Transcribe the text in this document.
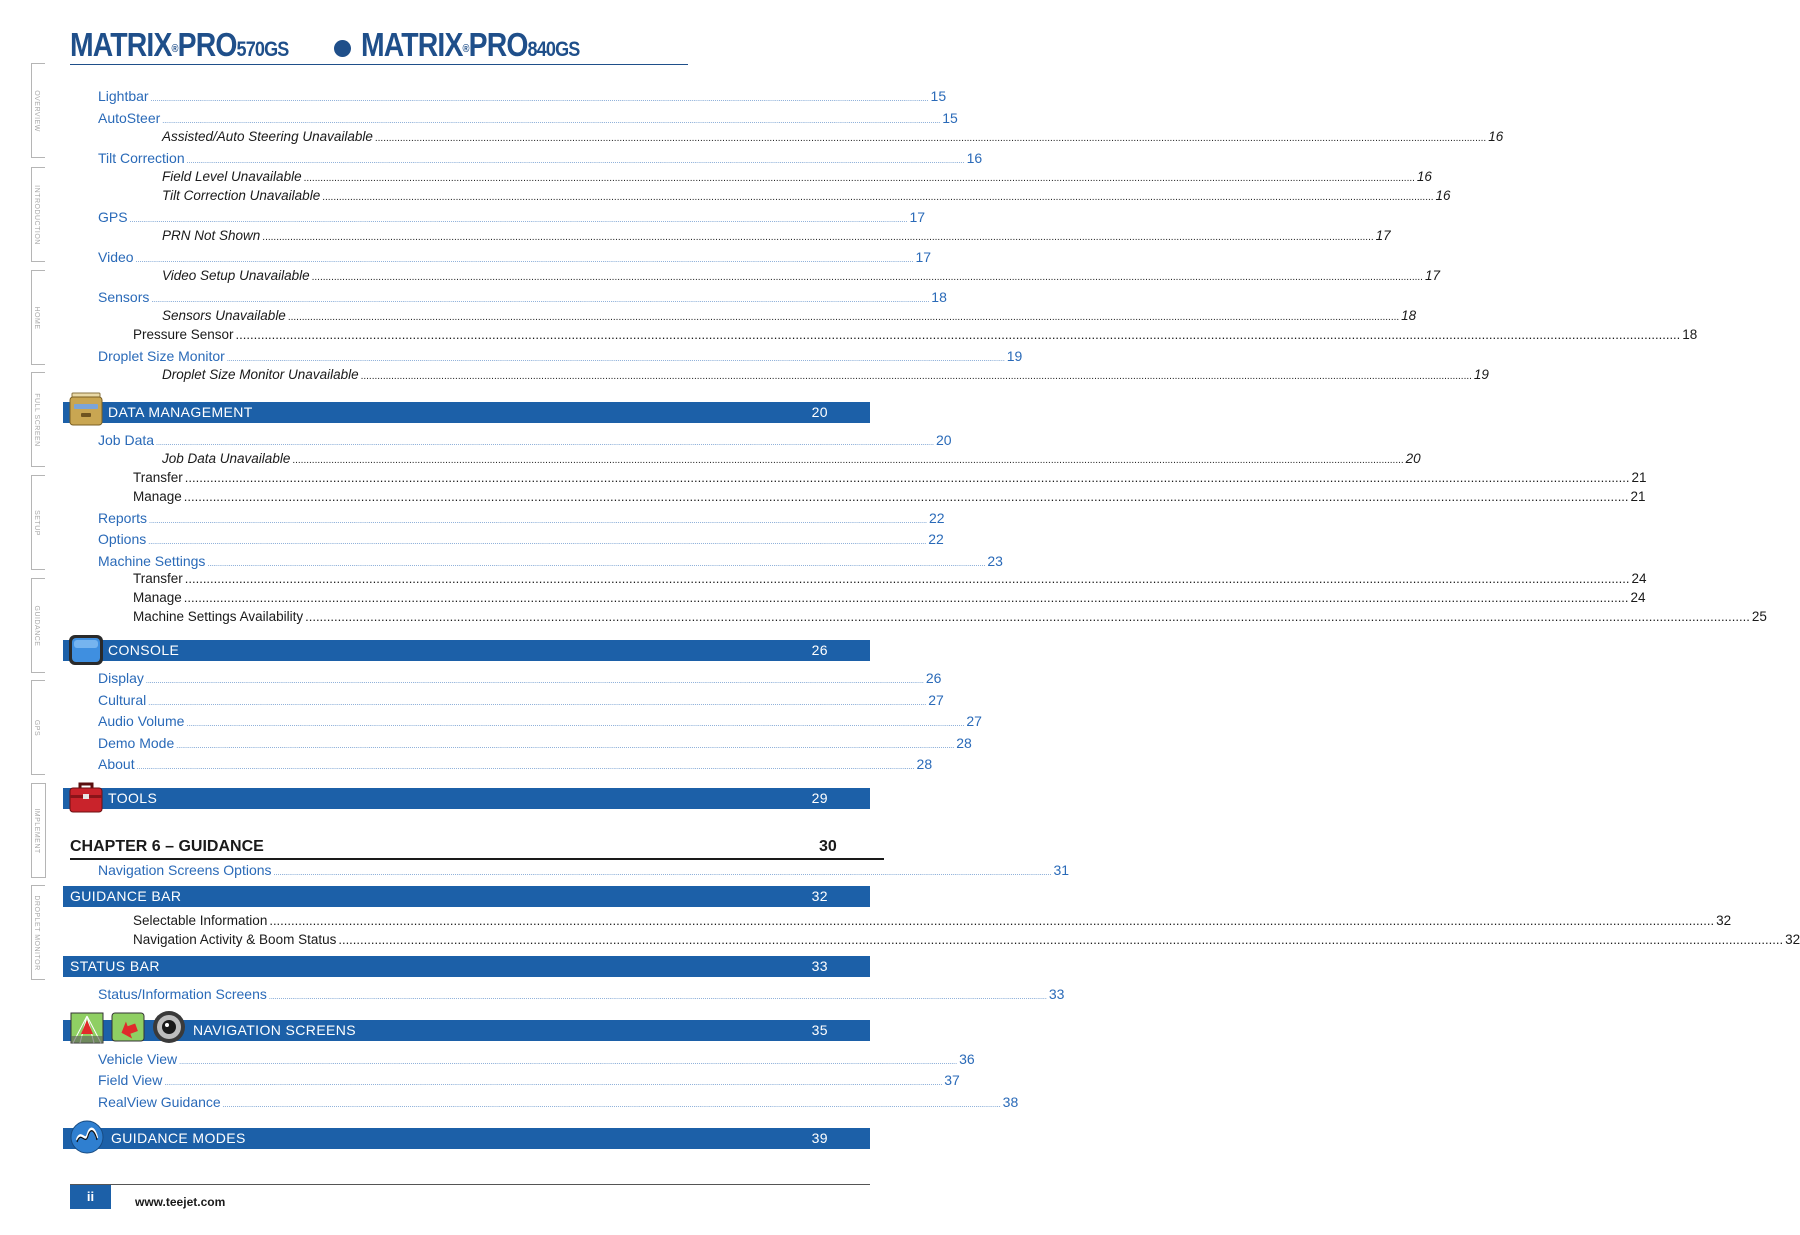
MATRIX®PRO570GS MATRIX®PRO840GS
OVERVIEW
INTRODUCTION
HOME
FULL SCREEN
SETUP
GUIDANCE
GPS
IMPLEMENT
DROPLET MONITOR
Lightbar ................................................................................................................................................................................................................................................................................................................................................................................................................ 15
AutoSteer ................................................................................................................................................................................................................................................................................................................................................................................................................ 15
Assisted/Auto Steering Unavailable ................................................................................................................................................................................................................................................................................................................................................................................................................ 16
Tilt Correction ................................................................................................................................................................................................................................................................................................................................................................................................................ 16
Field Level Unavailable ................................................................................................................................................................................................................................................................................................................................................................................................................ 16
Tilt Correction Unavailable ................................................................................................................................................................................................................................................................................................................................................................................................................ 16
GPS ................................................................................................................................................................................................................................................................................................................................................................................................................ 17
PRN Not Shown ................................................................................................................................................................................................................................................................................................................................................................................................................ 17
Video ................................................................................................................................................................................................................................................................................................................................................................................................................ 17
Video Setup Unavailable ................................................................................................................................................................................................................................................................................................................................................................................................................ 17
Sensors ................................................................................................................................................................................................................................................................................................................................................................................................................ 18
Sensors Unavailable ................................................................................................................................................................................................................................................................................................................................................................................................................ 18
Pressure Sensor ................................................................................................................................................................................................................................................................................................................................................................................................................ 18
Droplet Size Monitor ................................................................................................................................................................................................................................................................................................................................................................................................................ 19
Droplet Size Monitor Unavailable ................................................................................................................................................................................................................................................................................................................................................................................................................ 19
DATA MANAGEMENT	20
Job Data ................................................................................................................................................................................................................................................................................................................................................................................................................ 20
Job Data Unavailable ................................................................................................................................................................................................................................................................................................................................................................................................................ 20
Transfer ................................................................................................................................................................................................................................................................................................................................................................................................................ 21
Manage ................................................................................................................................................................................................................................................................................................................................................................................................................ 21
Reports ................................................................................................................................................................................................................................................................................................................................................................................................................ 22
Options ................................................................................................................................................................................................................................................................................................................................................................................................................ 22
Machine Settings ................................................................................................................................................................................................................................................................................................................................................................................................................ 23
Transfer ................................................................................................................................................................................................................................................................................................................................................................................................................ 24
Manage ................................................................................................................................................................................................................................................................................................................................................................................................................ 24
Machine Settings Availability ................................................................................................................................................................................................................................................................................................................................................................................................................ 25
CONSOLE	26
Display ................................................................................................................................................................................................................................................................................................................................................................................................................ 26
Cultural ................................................................................................................................................................................................................................................................................................................................................................................................................ 27
Audio Volume ................................................................................................................................................................................................................................................................................................................................................................................................................ 27
Demo Mode ................................................................................................................................................................................................................................................................................................................................................................................................................ 28
About ................................................................................................................................................................................................................................................................................................................................................................................................................ 28
TOOLS	29
CHAPTER 6 – GUIDANCE	30
Navigation Screens Options ................................................................................................................................................................................................................................................................................................................................................................................................................ 31
GUIDANCE BAR	32
Selectable Information ................................................................................................................................................................................................................................................................................................................................................................................................................ 32
Navigation Activity & Boom Status ................................................................................................................................................................................................................................................................................................................................................................................................................ 32
STATUS BAR	33
Status/Information Screens ................................................................................................................................................................................................................................................................................................................................................................................................................ 33
NAVIGATION SCREENS	35
Vehicle View ................................................................................................................................................................................................................................................................................................................................................................................................................ 36
Field View ................................................................................................................................................................................................................................................................................................................................................................................................................ 37
RealView Guidance ................................................................................................................................................................................................................................................................................................................................................................................................................ 38
GUIDANCE MODES	39
ii	www.teejet.com
